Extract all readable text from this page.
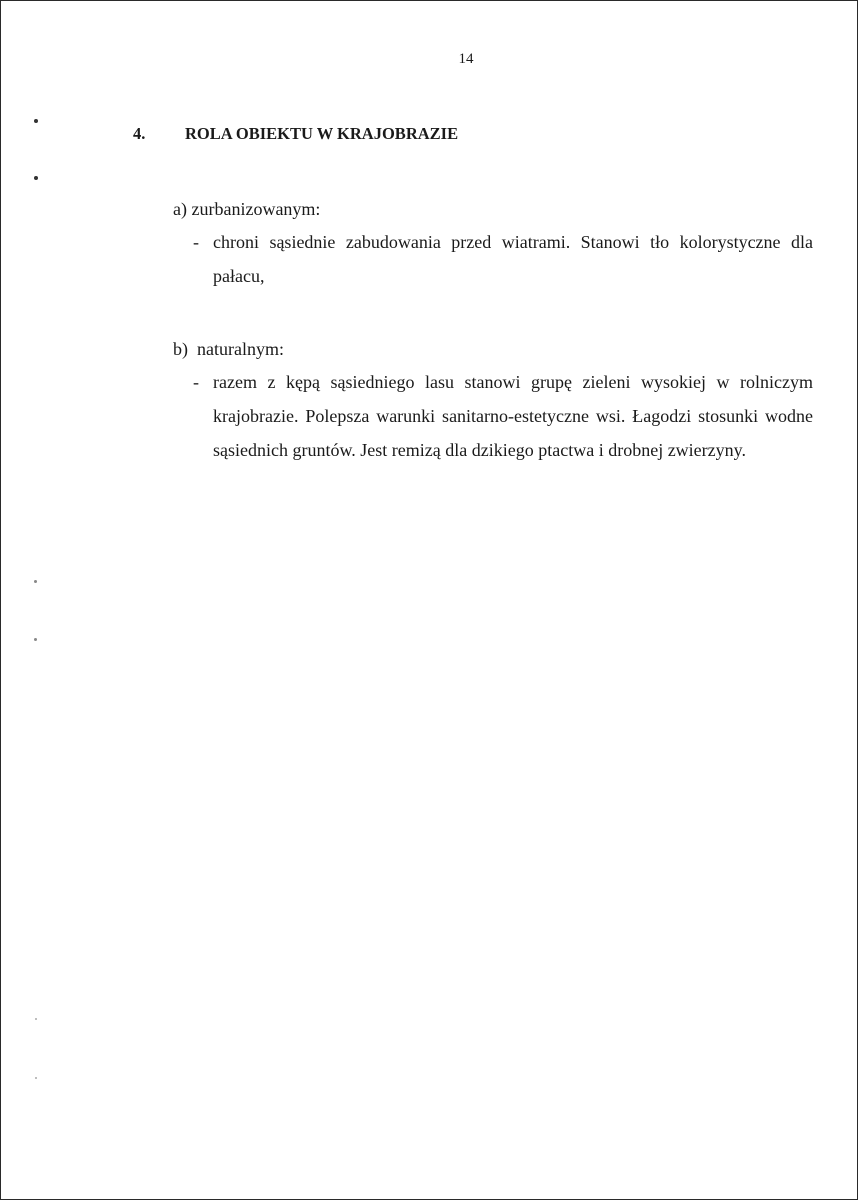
14
4. ROLA OBIEKTU W KRAJOBRAZIE
a) zurbanizowanym:
- chroni sąsiednie zabudowania przed wiatrami. Stanowi tło kolorystyczne dla pałacu,
b)  naturalnym:
- razem z kępą sąsiedniego lasu stanowi grupę zieleni wysokiej w rolniczym krajobrazie. Polepsza warunki sanitarno-estetyczne wsi. Łagodzi stosunki wodne sąsiednich gruntów. Jest remizą dla dzikiego ptactwa i drobnej zwierzyny.
